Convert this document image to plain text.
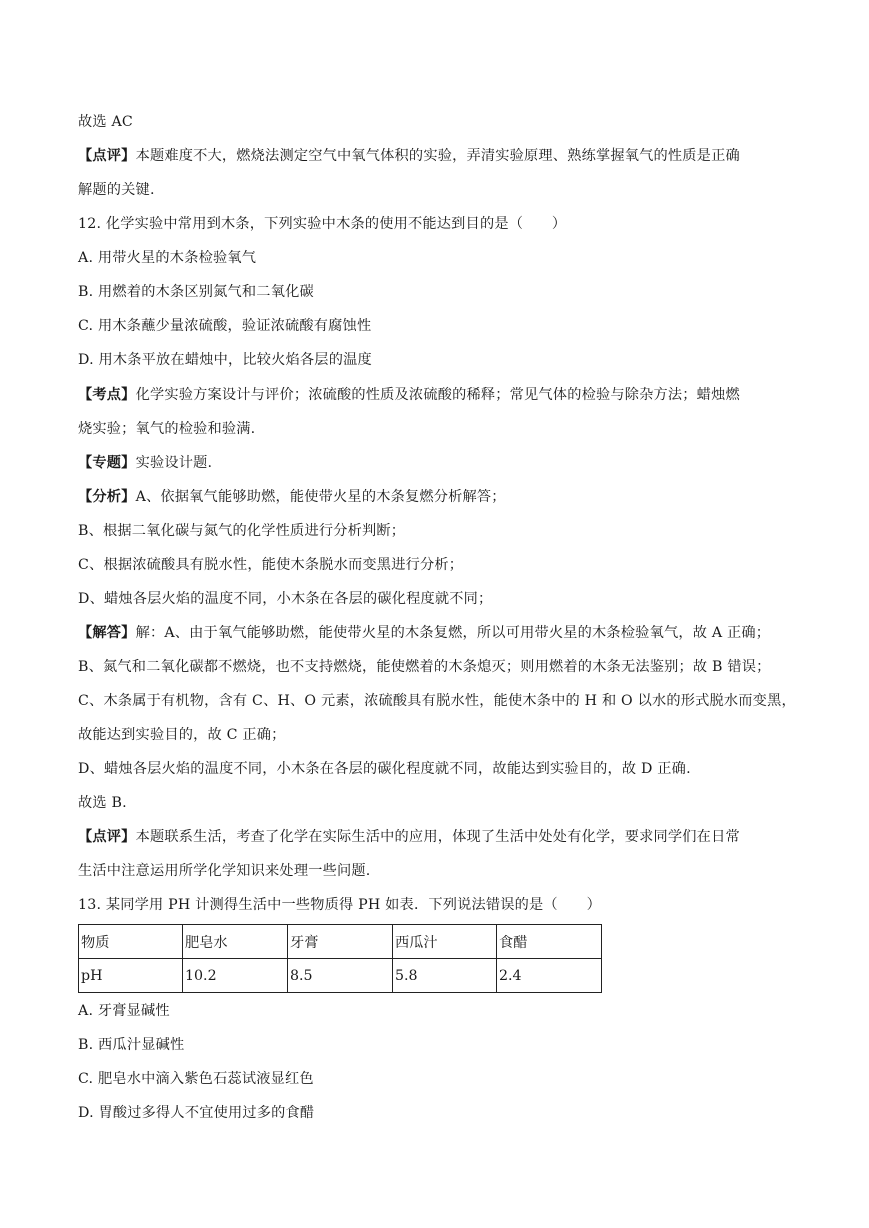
故选 AC
【点评】本题难度不大，燃烧法测定空气中氧气体积的实验，弄清实验原理、熟练掌握氧气的性质是正确
解题的关键.
12. 化学实验中常用到木条，下列实验中木条的使用不能达到目的是（　　）
A. 用带火星的木条检验氧气
B. 用燃着的木条区别氮气和二氧化碳
C. 用木条蘸少量浓硫酸，验证浓硫酸有腐蚀性
D. 用木条平放在蜡烛中，比较火焰各层的温度
【考点】化学实验方案设计与评价；浓硫酸的性质及浓硫酸的稀释；常见气体的检验与除杂方法；蜡烛燃
烧实验；氧气的检验和验满.
【专题】实验设计题.
【分析】A、依据氧气能够助燃，能使带火星的木条复燃分析解答；
B、根据二氧化碳与氮气的化学性质进行分析判断；
C、根据浓硫酸具有脱水性，能使木条脱水而变黑进行分析；
D、蜡烛各层火焰的温度不同，小木条在各层的碳化程度就不同；
【解答】解：A、由于氧气能够助燃，能使带火星的木条复燃，所以可用带火星的木条检验氧气，故 A 正确；
B、氮气和二氧化碳都不燃烧，也不支持燃烧，能使燃着的木条熄灭；则用燃着的木条无法鉴别；故 B 错误；
C、木条属于有机物，含有 C、H、O 元素，浓硫酸具有脱水性，能使木条中的 H 和 O 以水的形式脱水而变黑，
故能达到实验目的，故 C 正确；
D、蜡烛各层火焰的温度不同，小木条在各层的碳化程度就不同，故能达到实验目的，故 D 正确.
故选 B.
【点评】本题联系生活，考查了化学在实际生活中的应用，体现了生活中处处有化学，要求同学们在日常
生活中注意运用所学化学知识来处理一些问题.
13. 某同学用 PH 计测得生活中一些物质得 PH 如表．下列说法错误的是（　　）
物质	肥皂水	牙膏	西瓜汁	食醋
pH	10.2	8.5	5.8	2.4
A. 牙膏显碱性
B. 西瓜汁显碱性
C. 肥皂水中滴入紫色石蕊试液显红色
D. 胃酸过多得人不宜使用过多的食醋
